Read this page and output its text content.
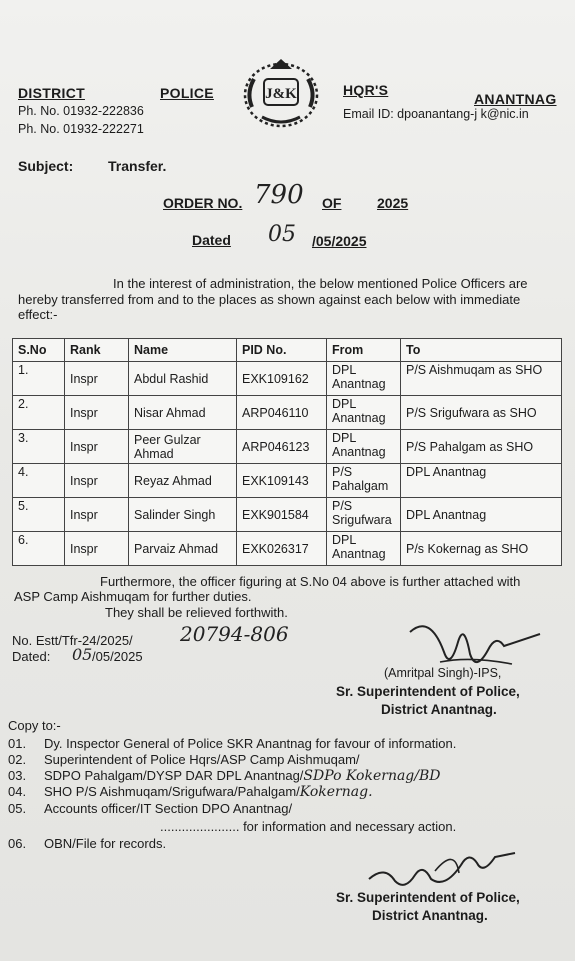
DISTRICT	POLICE
Ph. No. 01932-222836
Ph. No. 01932-222271
J&K	HQR'S
ANANTNAG
Email ID: dpoanantang-j k@nic.in
Subject: Transfer.
ORDER NO. 790 OF	2025
Dated 05 /05/2025
In the interest of administration, the below mentioned Police Officers are
hereby transferred from and to the places as shown against each below with immediate
effect:-
S.No	Rank	Name	PID No.	From	To
1.	Inspr	Abdul Rashid	EXK109162	DPL Anantnag	P/S Aishmuqam as SHO
2.	Inspr	Nisar Ahmad	ARP046110	DPL Anantnag	P/S Srigufwara as SHO
3.	Inspr	Peer Gulzar Ahmad	ARP046123	DPL Anantnag	P/S Pahalgam as SHO
4.	Inspr	Reyaz Ahmad	EXK109143	P/S Pahalgam	DPL Anantnag
5.	Inspr	Salinder Singh	EXK901584	P/S Srigufwara	DPL Anantnag
6.	Inspr	Parvaiz Ahmad	EXK026317	DPL Anantnag	P/s Kokernag as SHO
Furthermore, the officer figuring at S.No 04 above is further attached with
ASP Camp Aishmuqam for further duties.
They shall be relieved forthwith.
No. Estt/Tfr-24/2025/ 20794-806
Dated: 05 /05/2025
(Amritpal Singh)-IPS,
Sr. Superintendent of Police,
District Anantnag.
Copy to:-
01. Dy. Inspector General of Police SKR Anantnag for favour of information.
02. Superintendent of Police Hqrs/ASP Camp Aishmuqam/
03. SDPO Pahalgam/DYSP DAR DPL Anantnag/SDPo Kokernag/BD
04. SHO P/S Aishmuqam/Srigufwara/Pahalgam/Kokernag.
05. Accounts officer/IT Section DPO Anantnag/
...................... for information and necessary action.
06. OBN/File for records.
Sr. Superintendent of Police,
District Anantnag.
